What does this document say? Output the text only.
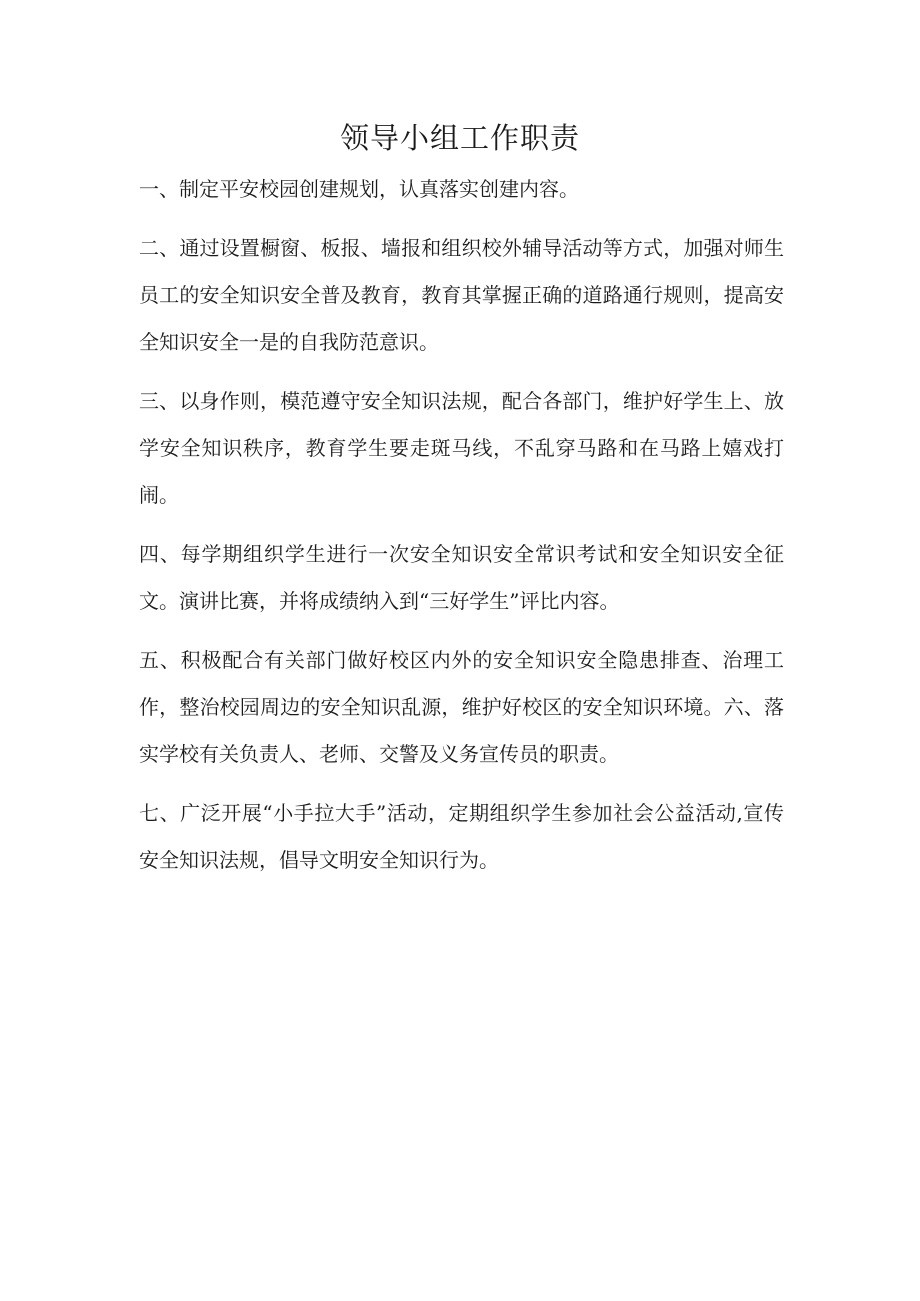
领导小组工作职责

一、制定平安校园创建规划，认真落实创建内容。

二、通过设置橱窗、板报、墙报和组织校外辅导活动等方式，加强对师生员工的安全知识安全普及教育，教育其掌握正确的道路通行规则，提高安全知识安全一是的自我防范意识。

三、以身作则，模范遵守安全知识法规，配合各部门，维护好学生上、放学安全知识秩序，教育学生要走斑马线，不乱穿马路和在马路上嬉戏打闹。

四、每学期组织学生进行一次安全知识安全常识考试和安全知识安全征文。演讲比赛，并将成绩纳入到“三好学生”评比内容。

五、积极配合有关部门做好校区内外的安全知识安全隐患排查、治理工作，整治校园周边的安全知识乱源，维护好校区的安全知识环境。六、落实学校有关负责人、老师、交警及义务宣传员的职责。

七、广泛开展“小手拉大手”活动，定期组织学生参加社会公益活动,宣传安全知识法规，倡导文明安全知识行为。
